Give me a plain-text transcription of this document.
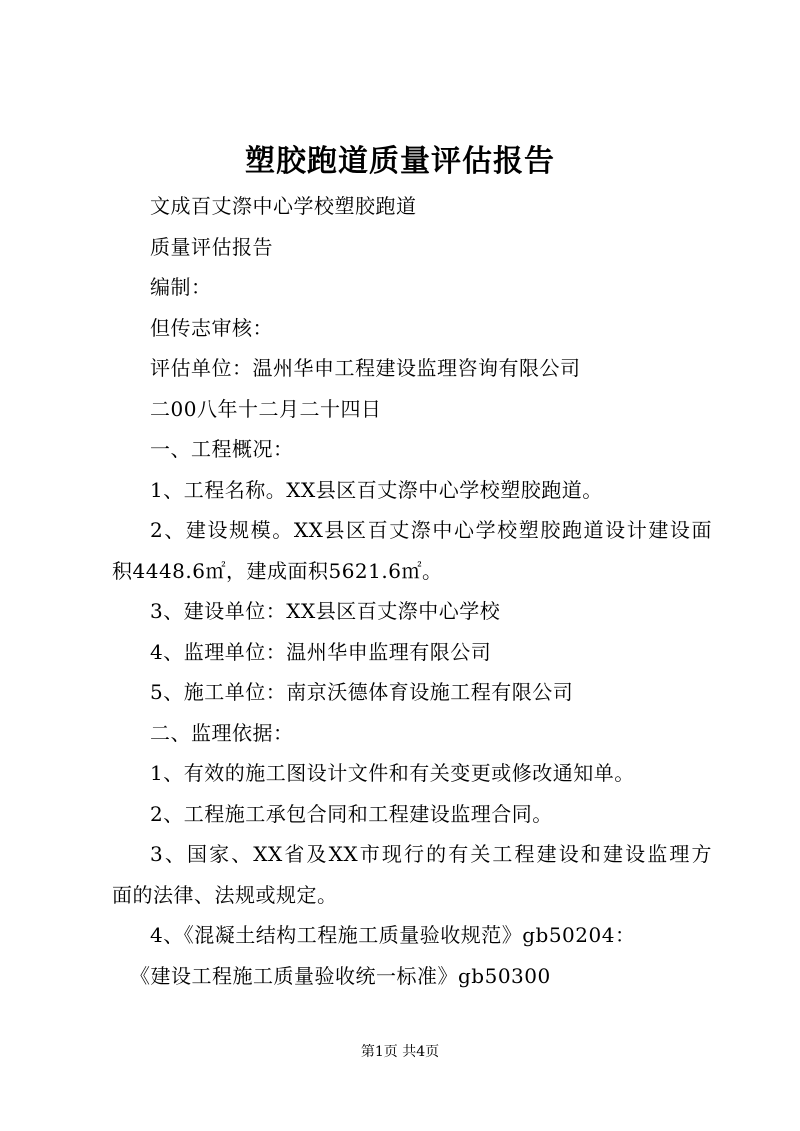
塑胶跑道质量评估报告
文成百丈漈中心学校塑胶跑道
质量评估报告
编制：
但传志审核：
评估单位：温州华申工程建设监理咨询有限公司
二00八年十二月二十四日
一、工程概况：
1、工程名称。XX县区百丈漈中心学校塑胶跑道。
2、建设规模。XX县区百丈漈中心学校塑胶跑道设计建设面
积4448.6㎡，建成面积5621.6㎡。
3、建设单位：XX县区百丈漈中心学校
4、监理单位：温州华申监理有限公司
5、施工单位：南京沃德体育设施工程有限公司
二、监理依据：
1、有效的施工图设计文件和有关变更或修改通知单。
2、工程施工承包合同和工程建设监理合同。
3、国家、XX省及XX市现行的有关工程建设和建设监理方
面的法律、法规或规定。
4、《混凝土结构工程施工质量验收规范》gb50204：
《建设工程施工质量验收统一标准》gb50300
第1页 共4页
